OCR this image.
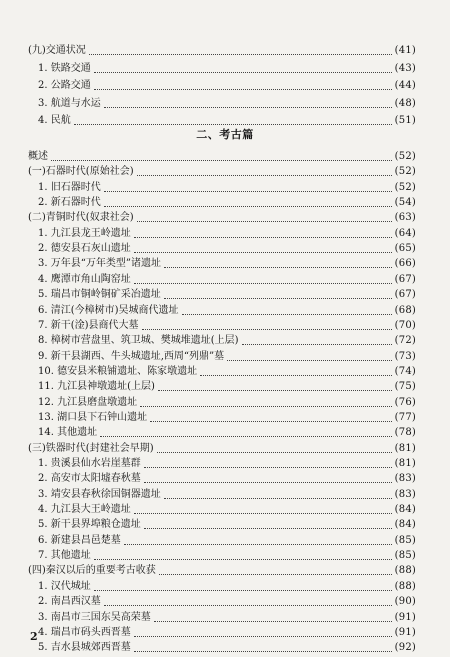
(九)交通状况	(41)
1. 铁路交通	(43)
2. 公路交通	(44)
3. 航道与水运	(48)
4. 民航	(51)
二、考古篇
概述	(52)
(一)石器时代(原始社会)	(52)
1. 旧石器时代	(52)
2. 新石器时代	(54)
(二)青铜时代(奴隶社会)	(63)
1. 九江县龙王岭遗址	(64)
2. 德安县石灰山遗址	(65)
3. 万年县“万年类型”诸遗址	(66)
4. 鹰潭市角山陶窑址	(67)
5. 瑞昌市铜岭铜矿采冶遗址	(67)
6. 清江(今樟树市)吴城商代遗址	(68)
7. 新干(淦)县商代大墓	(70)
8. 樟树市营盘里、筑卫城、樊城堆遗址(上层)	(72)
9. 新干县湖西、牛头城遗址,西周“列鼎”墓	(73)
10. 德安县米粮铺遗址、陈家墩遗址	(74)
11. 九江县神墩遗址(上层)	(75)
12. 九江县磨盘墩遗址	(76)
13. 湖口县下石钟山遗址	(77)
14. 其他遗址	(78)
(三)铁器时代(封建社会早期)	(81)
1. 贵溪县仙水岩崖墓群	(81)
2. 高安市太阳墟春秋墓	(83)
3. 靖安县春秋徐国铜器遗址	(83)
4. 九江县大王岭遗址	(84)
5. 新干县界埠粮仓遗址	(84)
6. 新建县昌邑楚墓	(85)
7. 其他遗址	(85)
(四)秦汉以后的重要考古收获	(88)
1. 汉代城址	(88)
2. 南昌西汉墓	(90)
3. 南昌市三国东吴高荣墓	(91)
4. 瑞昌市码头西晋墓	(91)
5. 吉水县城郊西晋墓	(92)
2
